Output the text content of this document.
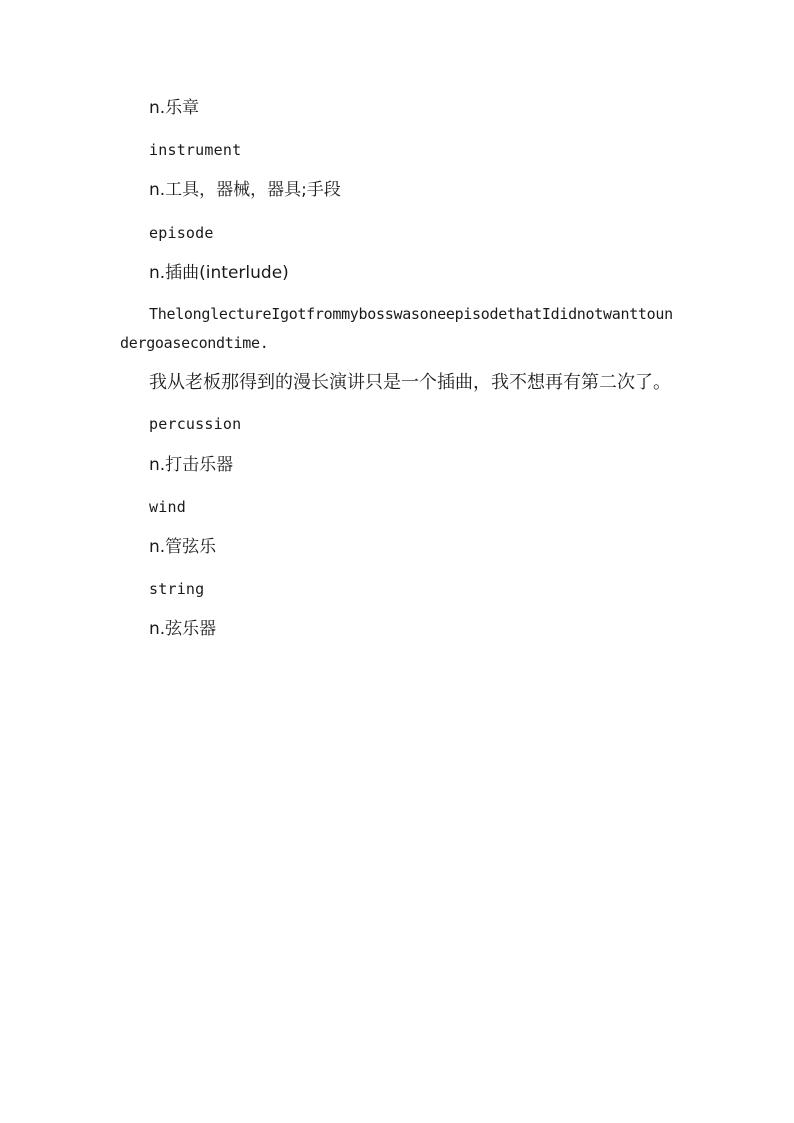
n.乐章
instrument
n.工具，器械，器具;手段
episode
n.插曲(interlude)
ThelonglectureIgotfrommybosswasoneepisodethatIdidnotwanttoundergoasecondtime.
我从老板那得到的漫长演讲只是一个插曲，我不想再有第二次了。
percussion
n.打击乐器
wind
n.管弦乐
string
n.弦乐器
